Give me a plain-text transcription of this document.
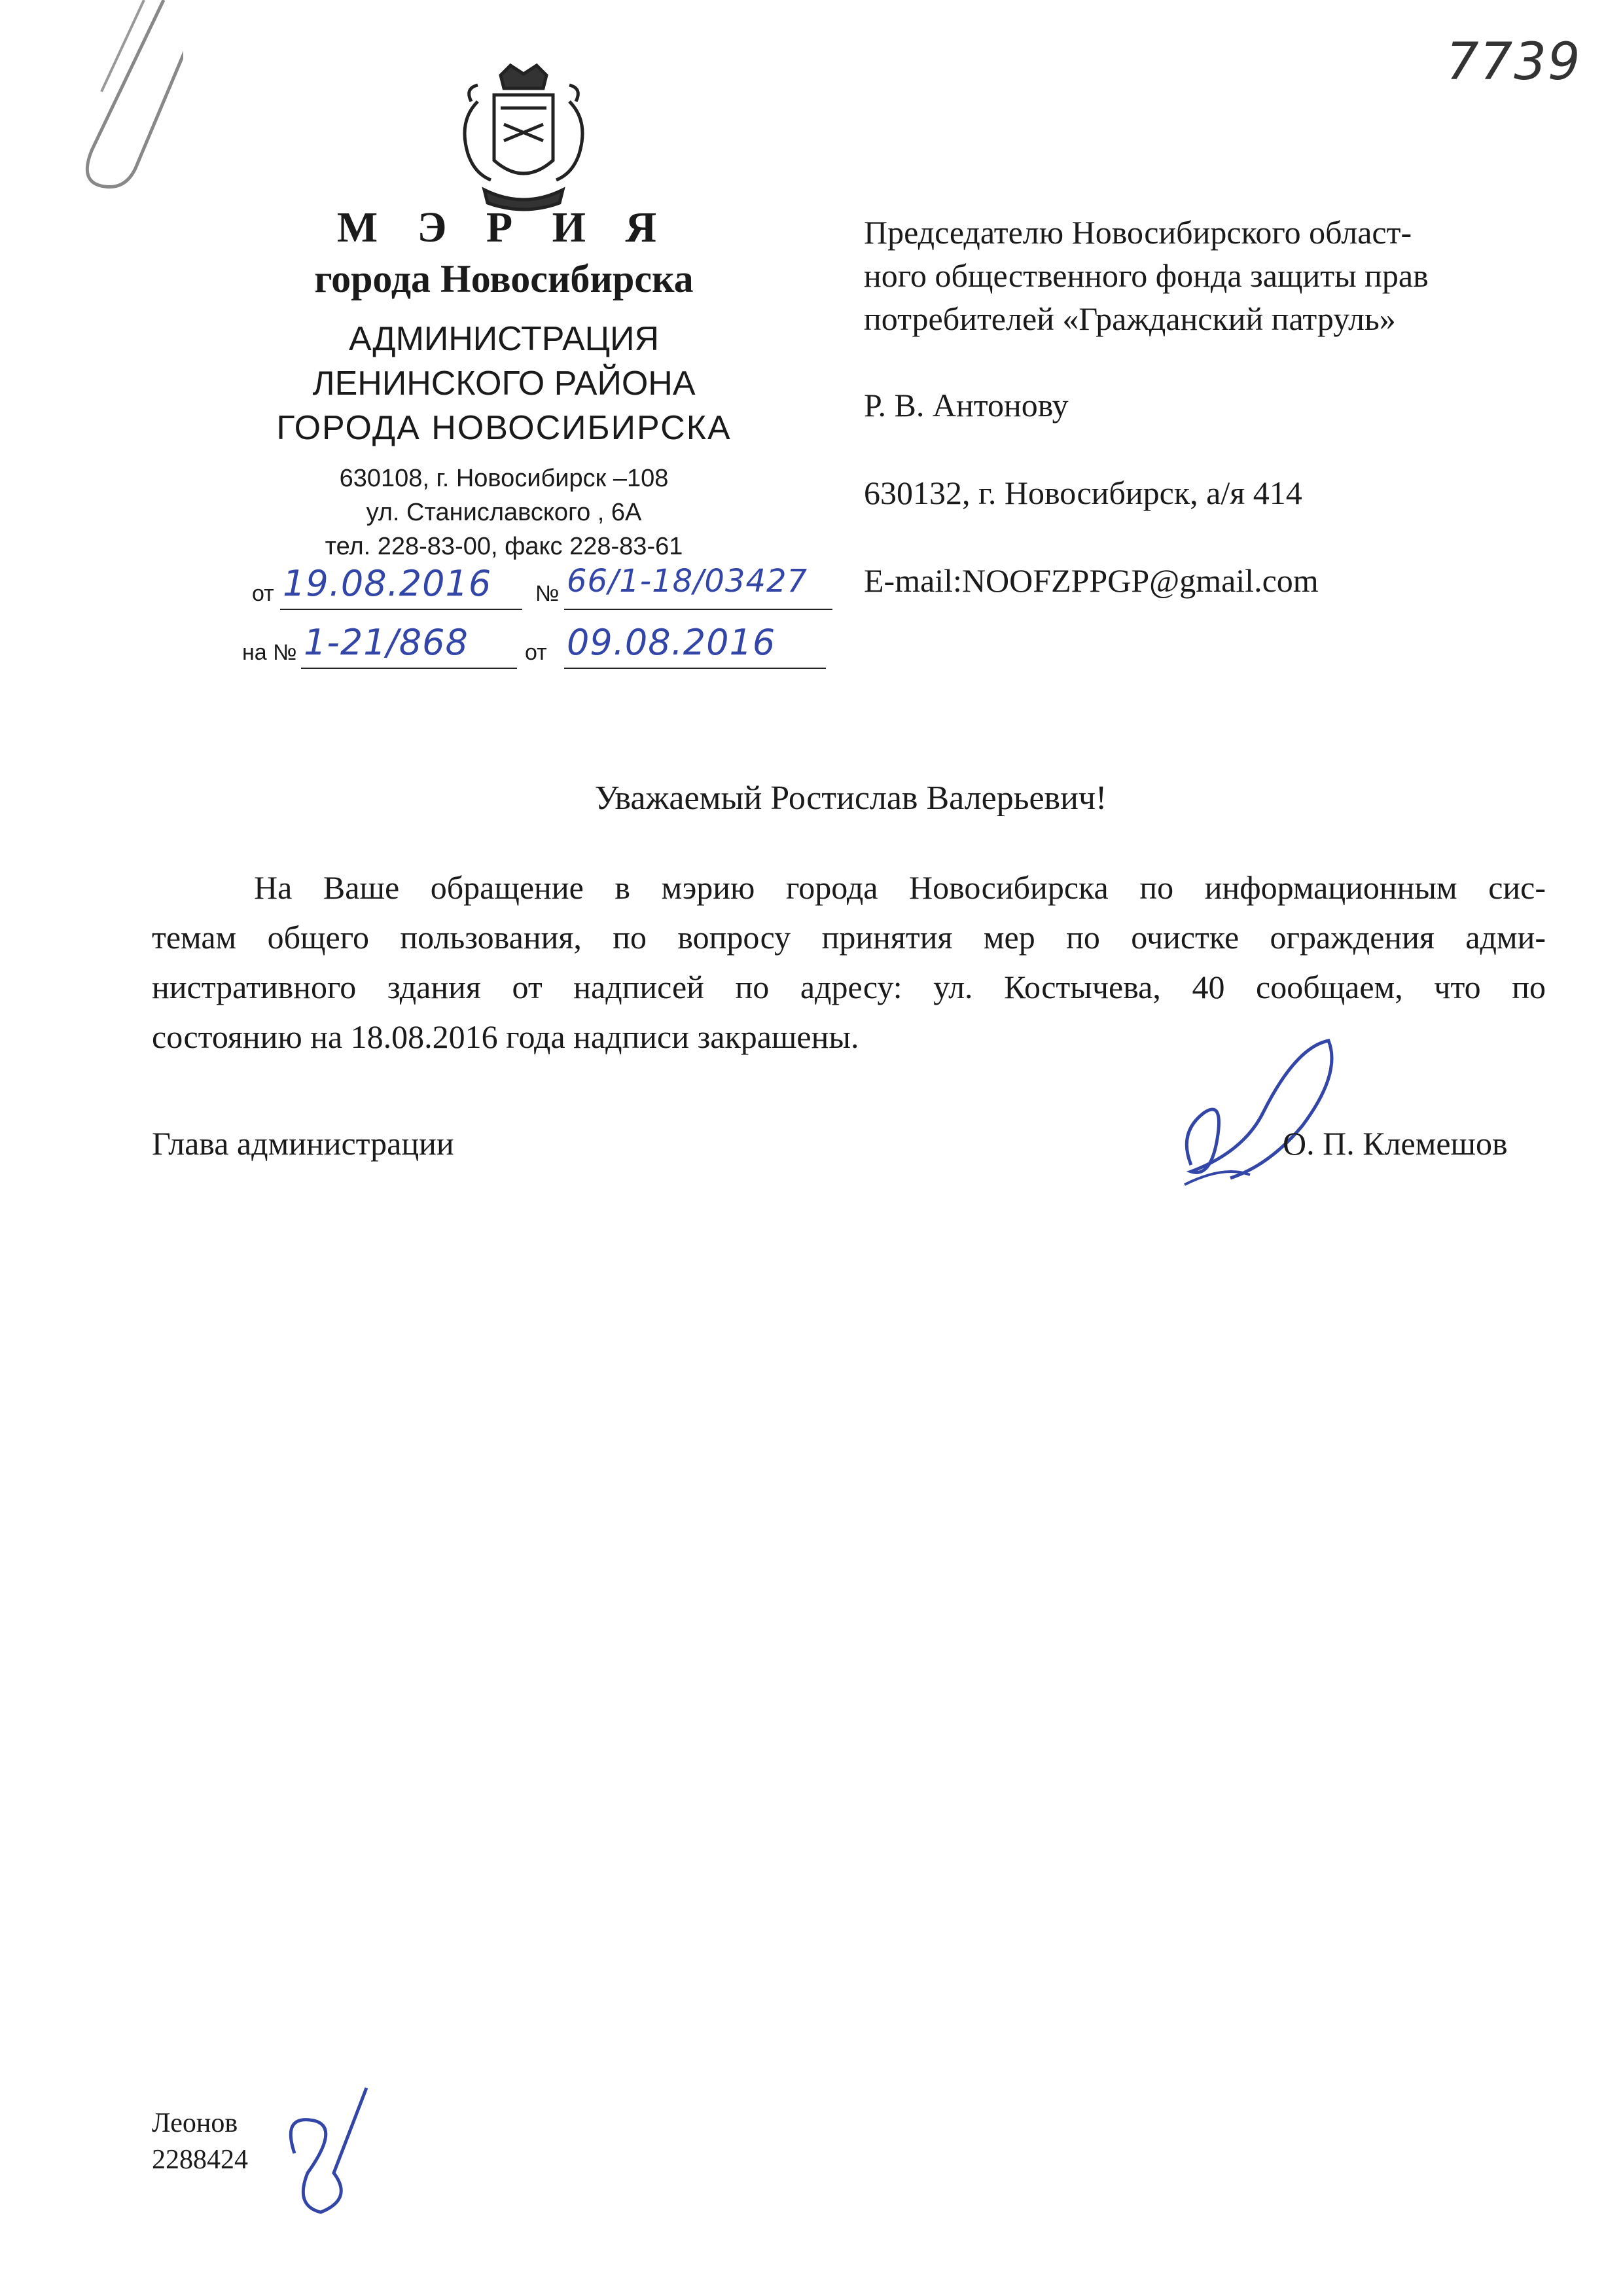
7739
М Э Р И Я
города Новосибирска
АДМИНИСТРАЦИЯ
ЛЕНИНСКОГО РАЙОНА
ГОРОДА НОВОСИБИРСКА
630108, г. Новосибирск –108
ул. Станиславского , 6А
тел. 228-83-00, факс 228-83-61
от 19.08.2016 № 66/1-18/03427
на № 1-21/868	от 09.08.2016
Председателю Новосибирского област-
ного общественного фонда защиты прав
потребителей «Гражданский патруль»
Р. В. Антонову
630132, г. Новосибирск, а/я 414
E-mail:NOOFZPPGP@gmail.com
Уважаемый Ростислав Валерьевич!
На Ваше обращение в мэрию города Новосибирска по информационным сис-
темам общего пользования, по вопросу принятия мер по очистке ограждения адми-
нистративного здания от надписей по адресу: ул. Костычева, 40 сообщаем, что по
состоянию на 18.08.2016 года надписи закрашены.
Глава администрации	О. П. Клемешов
Леонов
2288424
